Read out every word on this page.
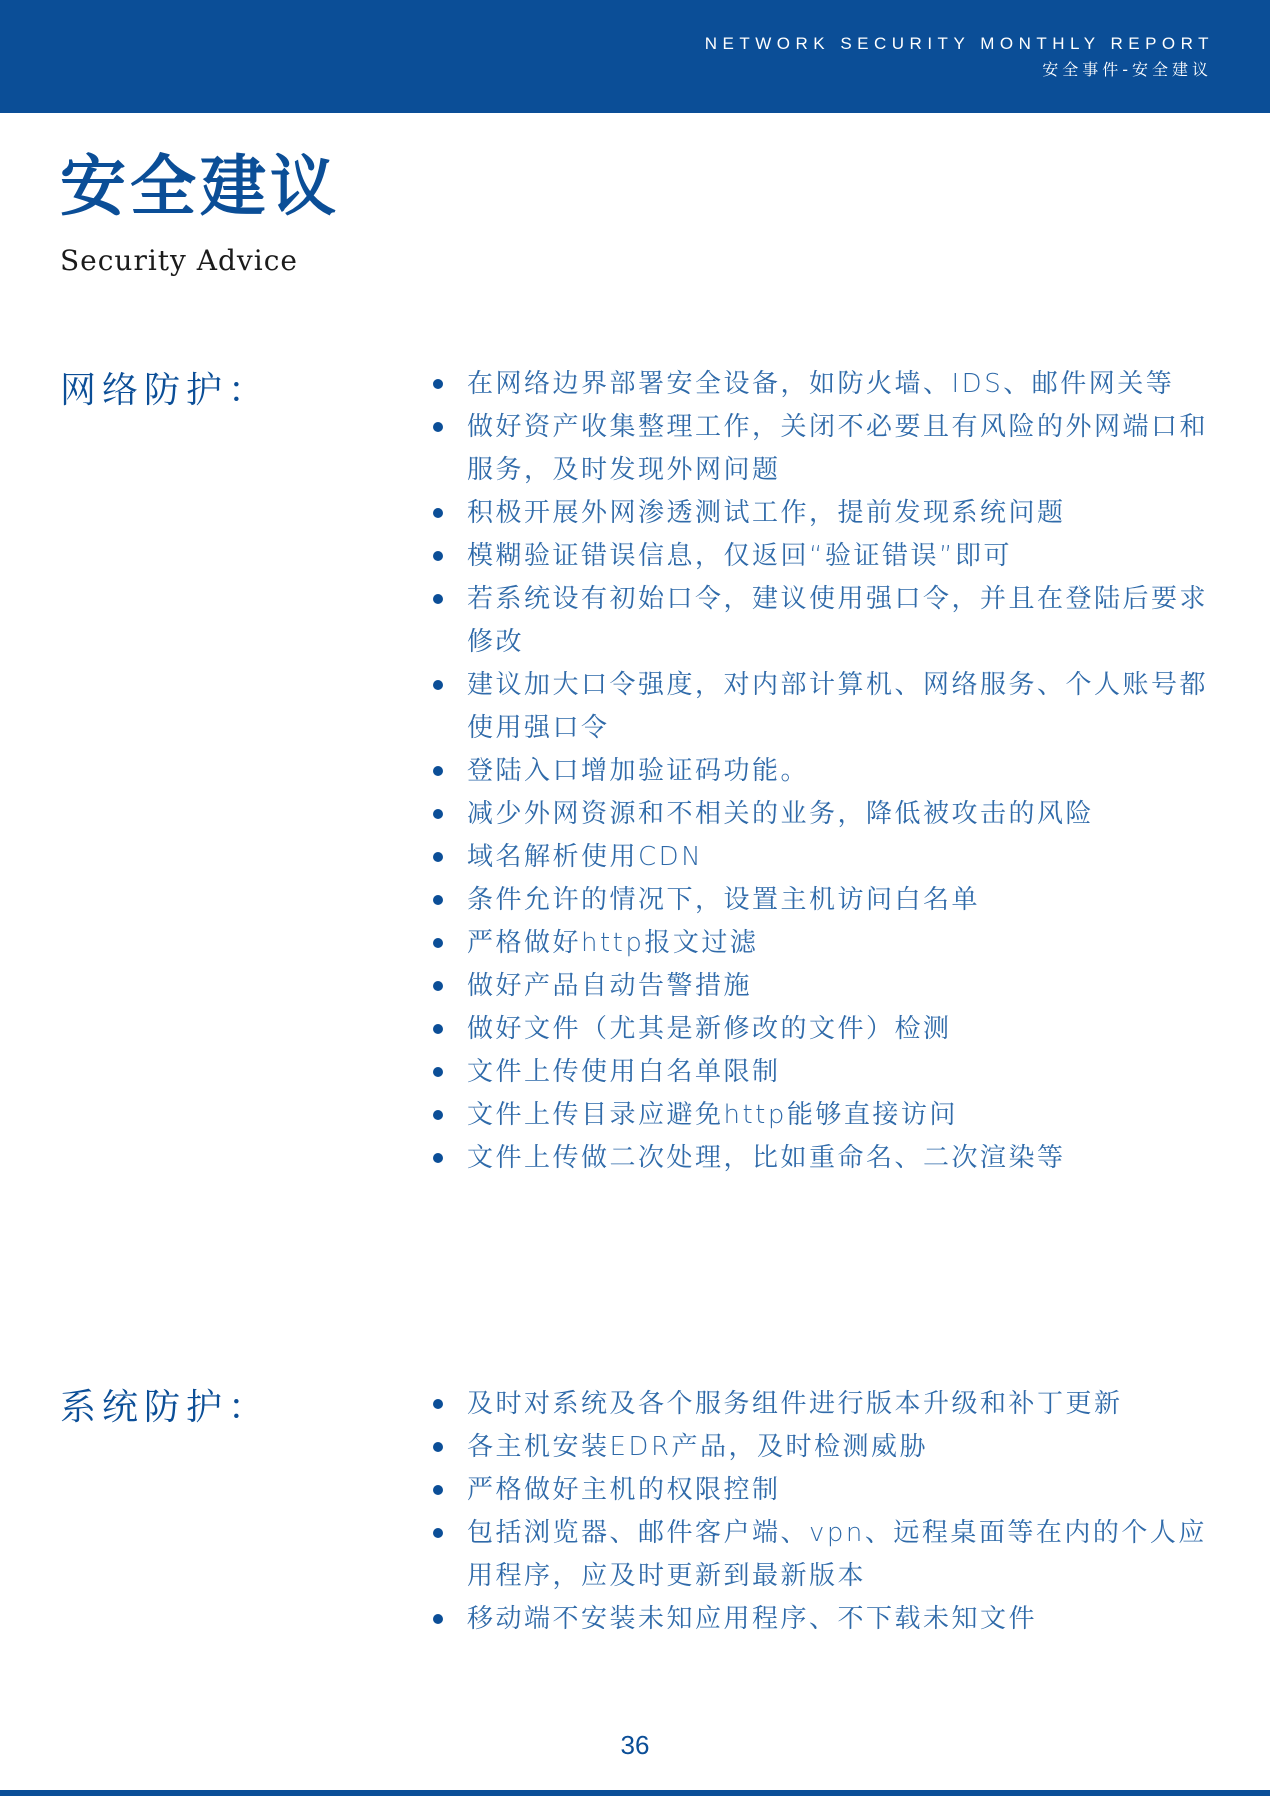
NETWORK SECURITY MONTHLY REPORT
安全事件-安全建议
安全建议
Security Advice
网络防护：	在网络边界部署安全设备，如防火墙、IDS、邮件网关等
做好资产收集整理工作，关闭不必要且有风险的外网端口和服务，及时发现外网问题
积极开展外网渗透测试工作，提前发现系统问题
模糊验证错误信息，仅返回“验证错误”即可
若系统设有初始口令，建议使用强口令，并且在登陆后要求修改
建议加大口令强度，对内部计算机、网络服务、个人账号都使用强口令
登陆入口增加验证码功能。
减少外网资源和不相关的业务，降低被攻击的风险
域名解析使用CDN
条件允许的情况下，设置主机访问白名单
严格做好http报文过滤
做好产品自动告警措施
做好文件（尤其是新修改的文件）检测
文件上传使用白名单限制
文件上传目录应避免http能够直接访问
文件上传做二次处理，比如重命名、二次渲染等
系统防护：	及时对系统及各个服务组件进行版本升级和补丁更新
各主机安装EDR产品，及时检测威胁
严格做好主机的权限控制
包括浏览器、邮件客户端、vpn、远程桌面等在内的个人应用程序，应及时更新到最新版本
移动端不安装未知应用程序、不下载未知文件
36
